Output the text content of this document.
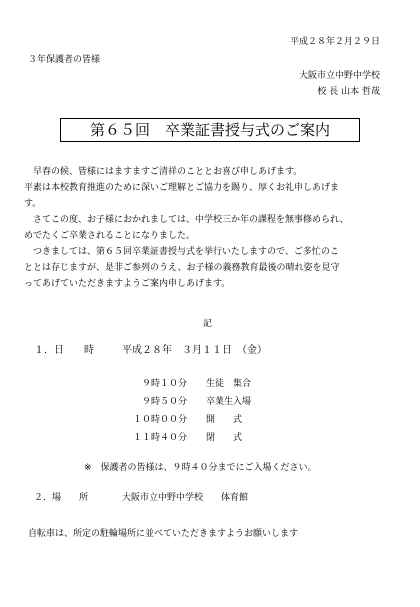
平成２８年２月２９日
３年保護者の皆様
大阪市立中野中学校
校 長 山本 哲哉
第６５回　卒業証書授与式のご案内

　早春の候、皆様にはますますご清祥のこととお喜び申しあげます。

平素は本校教育推進のために深いご理解とご協力を賜り、厚くお礼申しあげま

す。

　さてこの度、お子様におかれましては、中学校三か年の課程を無事修められ、

めでたくご卒業されることになりました。

　つきましては、第６５回卒業証書授与式を挙行いたしますので、ご多忙のこ

ととは存じますが、是非ご参列のうえ、お子様の義務教育最後の晴れ姿を見守

ってあげていただきますようご案内申しあげます。

記
１．日　　時	平成２８年　３月１１日　（金）
９時１０分 生徒　集合
９時５０分 卒業生入場
１０時００分 開　　式
１１時４０分 閉　　式
※　保護者の皆様は、９時４０分までにご入場ください。
２．場　　所	大阪市立中野中学校　　体育館
自転車は、所定の駐輪場所に並べていただきますようお願いします
